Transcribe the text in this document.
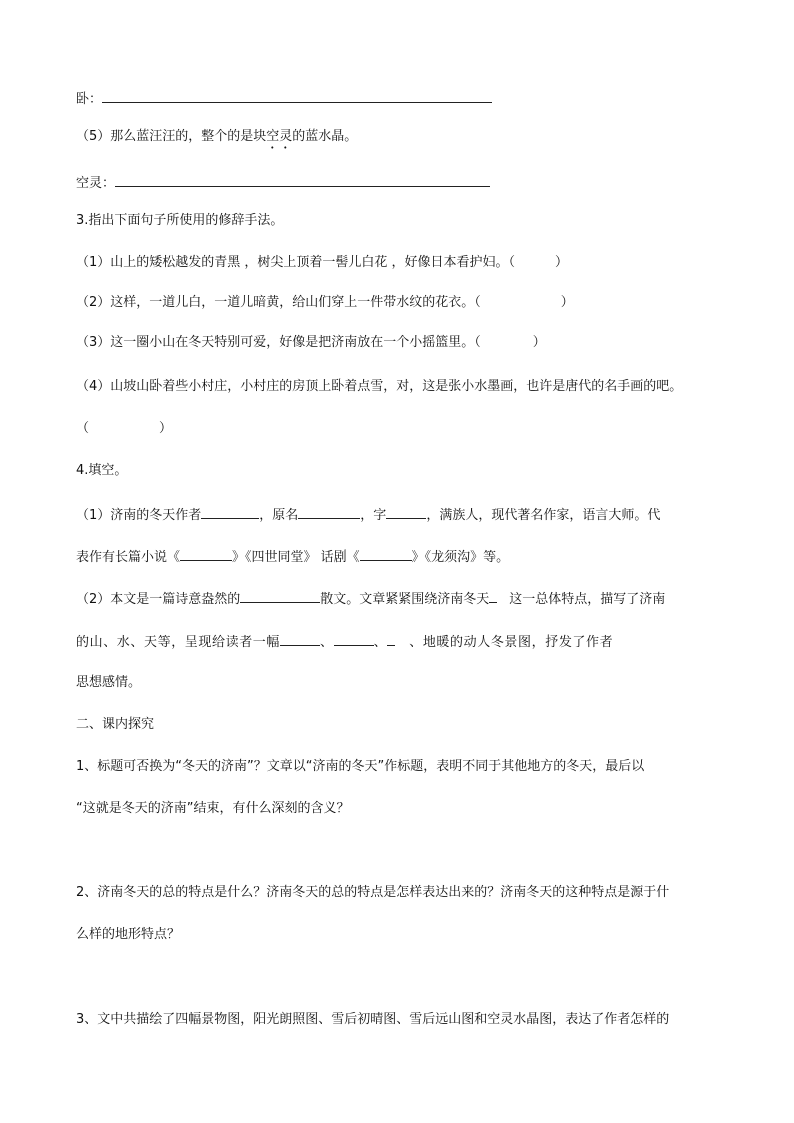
卧：
（5）那么蓝汪汪的，整个的是块空灵的蓝水晶。
空灵：
3.指出下面句子所使用的修辞手法。
（1）山上的矮松越发的青黑 ，树尖上顶着一髻儿白花 ，好像日本看护妇。（	）
（2）这样，一道儿白，一道儿暗黄，给山们穿上一件带水纹的花衣。（	）
（3）这一圈小山在冬天特别可爱，好像是把济南放在一个小摇篮里。（	）
（4）山坡山卧着些小村庄，小村庄的房顶上卧着点雪，对，这是张小水墨画，也许是唐代的名手画的吧。
（	）
4.填空。
（1）济南的冬天作者	，原名	，字	，满族人，现代著名作家，语言大师。代
表作有长篇小说《	》《四世同堂》 话剧《	》《龙须沟》等。
（2）本文是一篇诗意盎然的	散文。文章紧紧围绕济南冬天 这一总体特点，描写了济南
的山、水、天等，呈现给读者一幅	、	、 、地暖的动人冬景图，抒发了作者
思想感情。
二、课内探究
1、标题可否换为“冬天的济南”？文章以“济南的冬天”作标题，表明不同于其他地方的冬天，最后以
“这就是冬天的济南”结束，有什么深刻的含义？
2、济南冬天的总的特点是什么？济南冬天的总的特点是怎样表达出来的？济南冬天的这种特点是源于什
么样的地形特点？
3、文中共描绘了四幅景物图，阳光朗照图、雪后初晴图、雪后远山图和空灵水晶图，表达了作者怎样的
